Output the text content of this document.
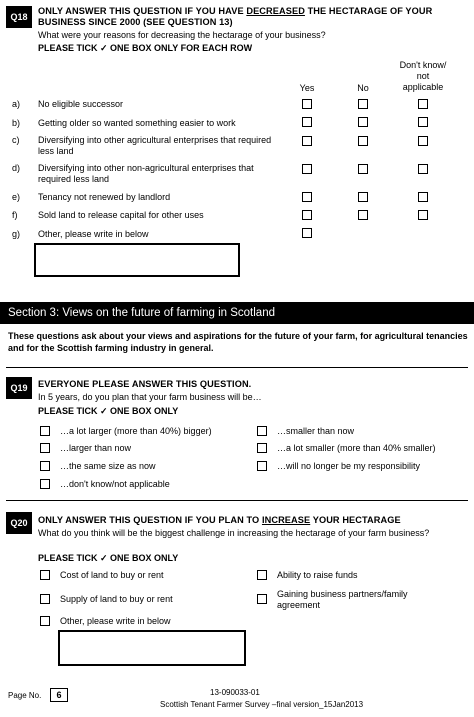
Q18
ONLY ANSWER THIS QUESTION IF YOU HAVE DECREASED THE HECTARAGE OF YOUR
BUSINESS SINCE 2000 (SEE QUESTION 13)
What were your reasons for decreasing the hectarage of your business?
PLEASE TICK ✓ ONE BOX ONLY FOR EACH ROW
Yes	No
Don't know/ not applicable
a) No eligible successor
b) Getting older so wanted something easier to work
c) Diversifying into other agricultural enterprises that required less land
d) Diversifying into other non-agricultural enterprises that required less land
e) Tenancy not renewed by landlord
f) Sold land to release capital for other uses
g) Other, please write in below
Section 3: Views on the future of farming in Scotland
These questions ask about your views and aspirations for the future of your farm, for agricultural tenancies and for the Scottish farming industry in general.
Q19	EVERYONE PLEASE ANSWER THIS QUESTION.
In 5 years, do you plan that your farm business will be…
PLEASE TICK ✓ ONE BOX ONLY
…a lot larger (more than 40%) bigger)
…larger than now
…the same size as now
…don't know/not applicable
…smaller than now
…a lot smaller (more than 40% smaller)
…will no longer be my responsibility
Q20	ONLY ANSWER THIS QUESTION IF YOU PLAN TO INCREASE YOUR HECTARAGE
What do you think will be the biggest challenge in increasing the hectarage of your farm business?
PLEASE TICK ✓ ONE BOX ONLY
Cost of land to buy or rent
Supply of land to buy or rent
Other, please write in below
Ability to raise funds
Gaining business partners/family agreement
Page No.	6	13-090033-01
Scottish Tenant Farmer Survey –final version_15Jan2013
